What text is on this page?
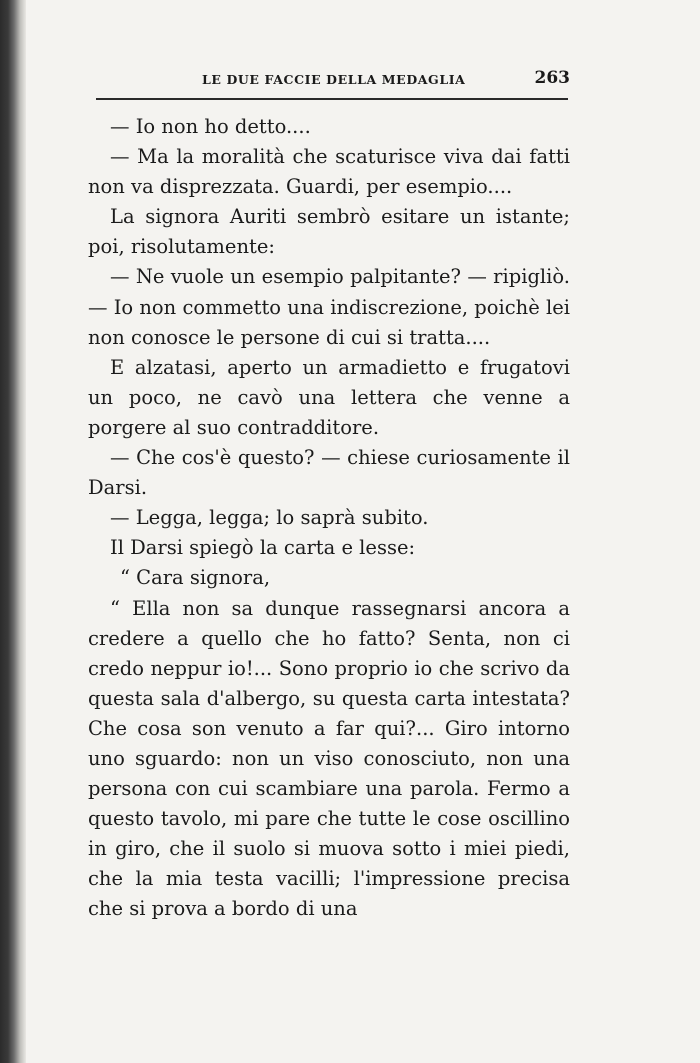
LE DUE FACCIE DELLA MEDAGLIA	263

— Io non ho detto....

— Ma la moralità che scaturisce viva dai fatti non va disprezzata. Guardi, per esempio....

La signora Auriti sembrò esitare un istante; poi, risolutamente:

— Ne vuole un esempio palpitante? — ripigliò. — Io non commetto una indiscrezione, poichè lei non conosce le persone di cui si tratta....

E alzatasi, aperto un armadietto e frugatovi un poco, ne cavò una lettera che venne a porgere al suo contradditore.

— Che cos'è questo? — chiese curiosamente il Darsi.

— Legga, legga; lo saprà subito.

Il Darsi spiegò la carta e lesse:

“ Cara signora,

“ Ella non sa dunque rassegnarsi ancora a credere a quello che ho fatto? Senta, non ci credo neppur io!... Sono proprio io che scrivo da questa sala d'albergo, su questa carta intestata? Che cosa son venuto a far qui?... Giro intorno uno sguardo: non un viso conosciuto, non una persona con cui scambiare una parola. Fermo a questo tavolo, mi pare che tutte le cose oscillino in giro, che il suolo si muova sotto i miei piedi, che la mia testa vacilli; l'impressione precisa che si prova a bordo di una
